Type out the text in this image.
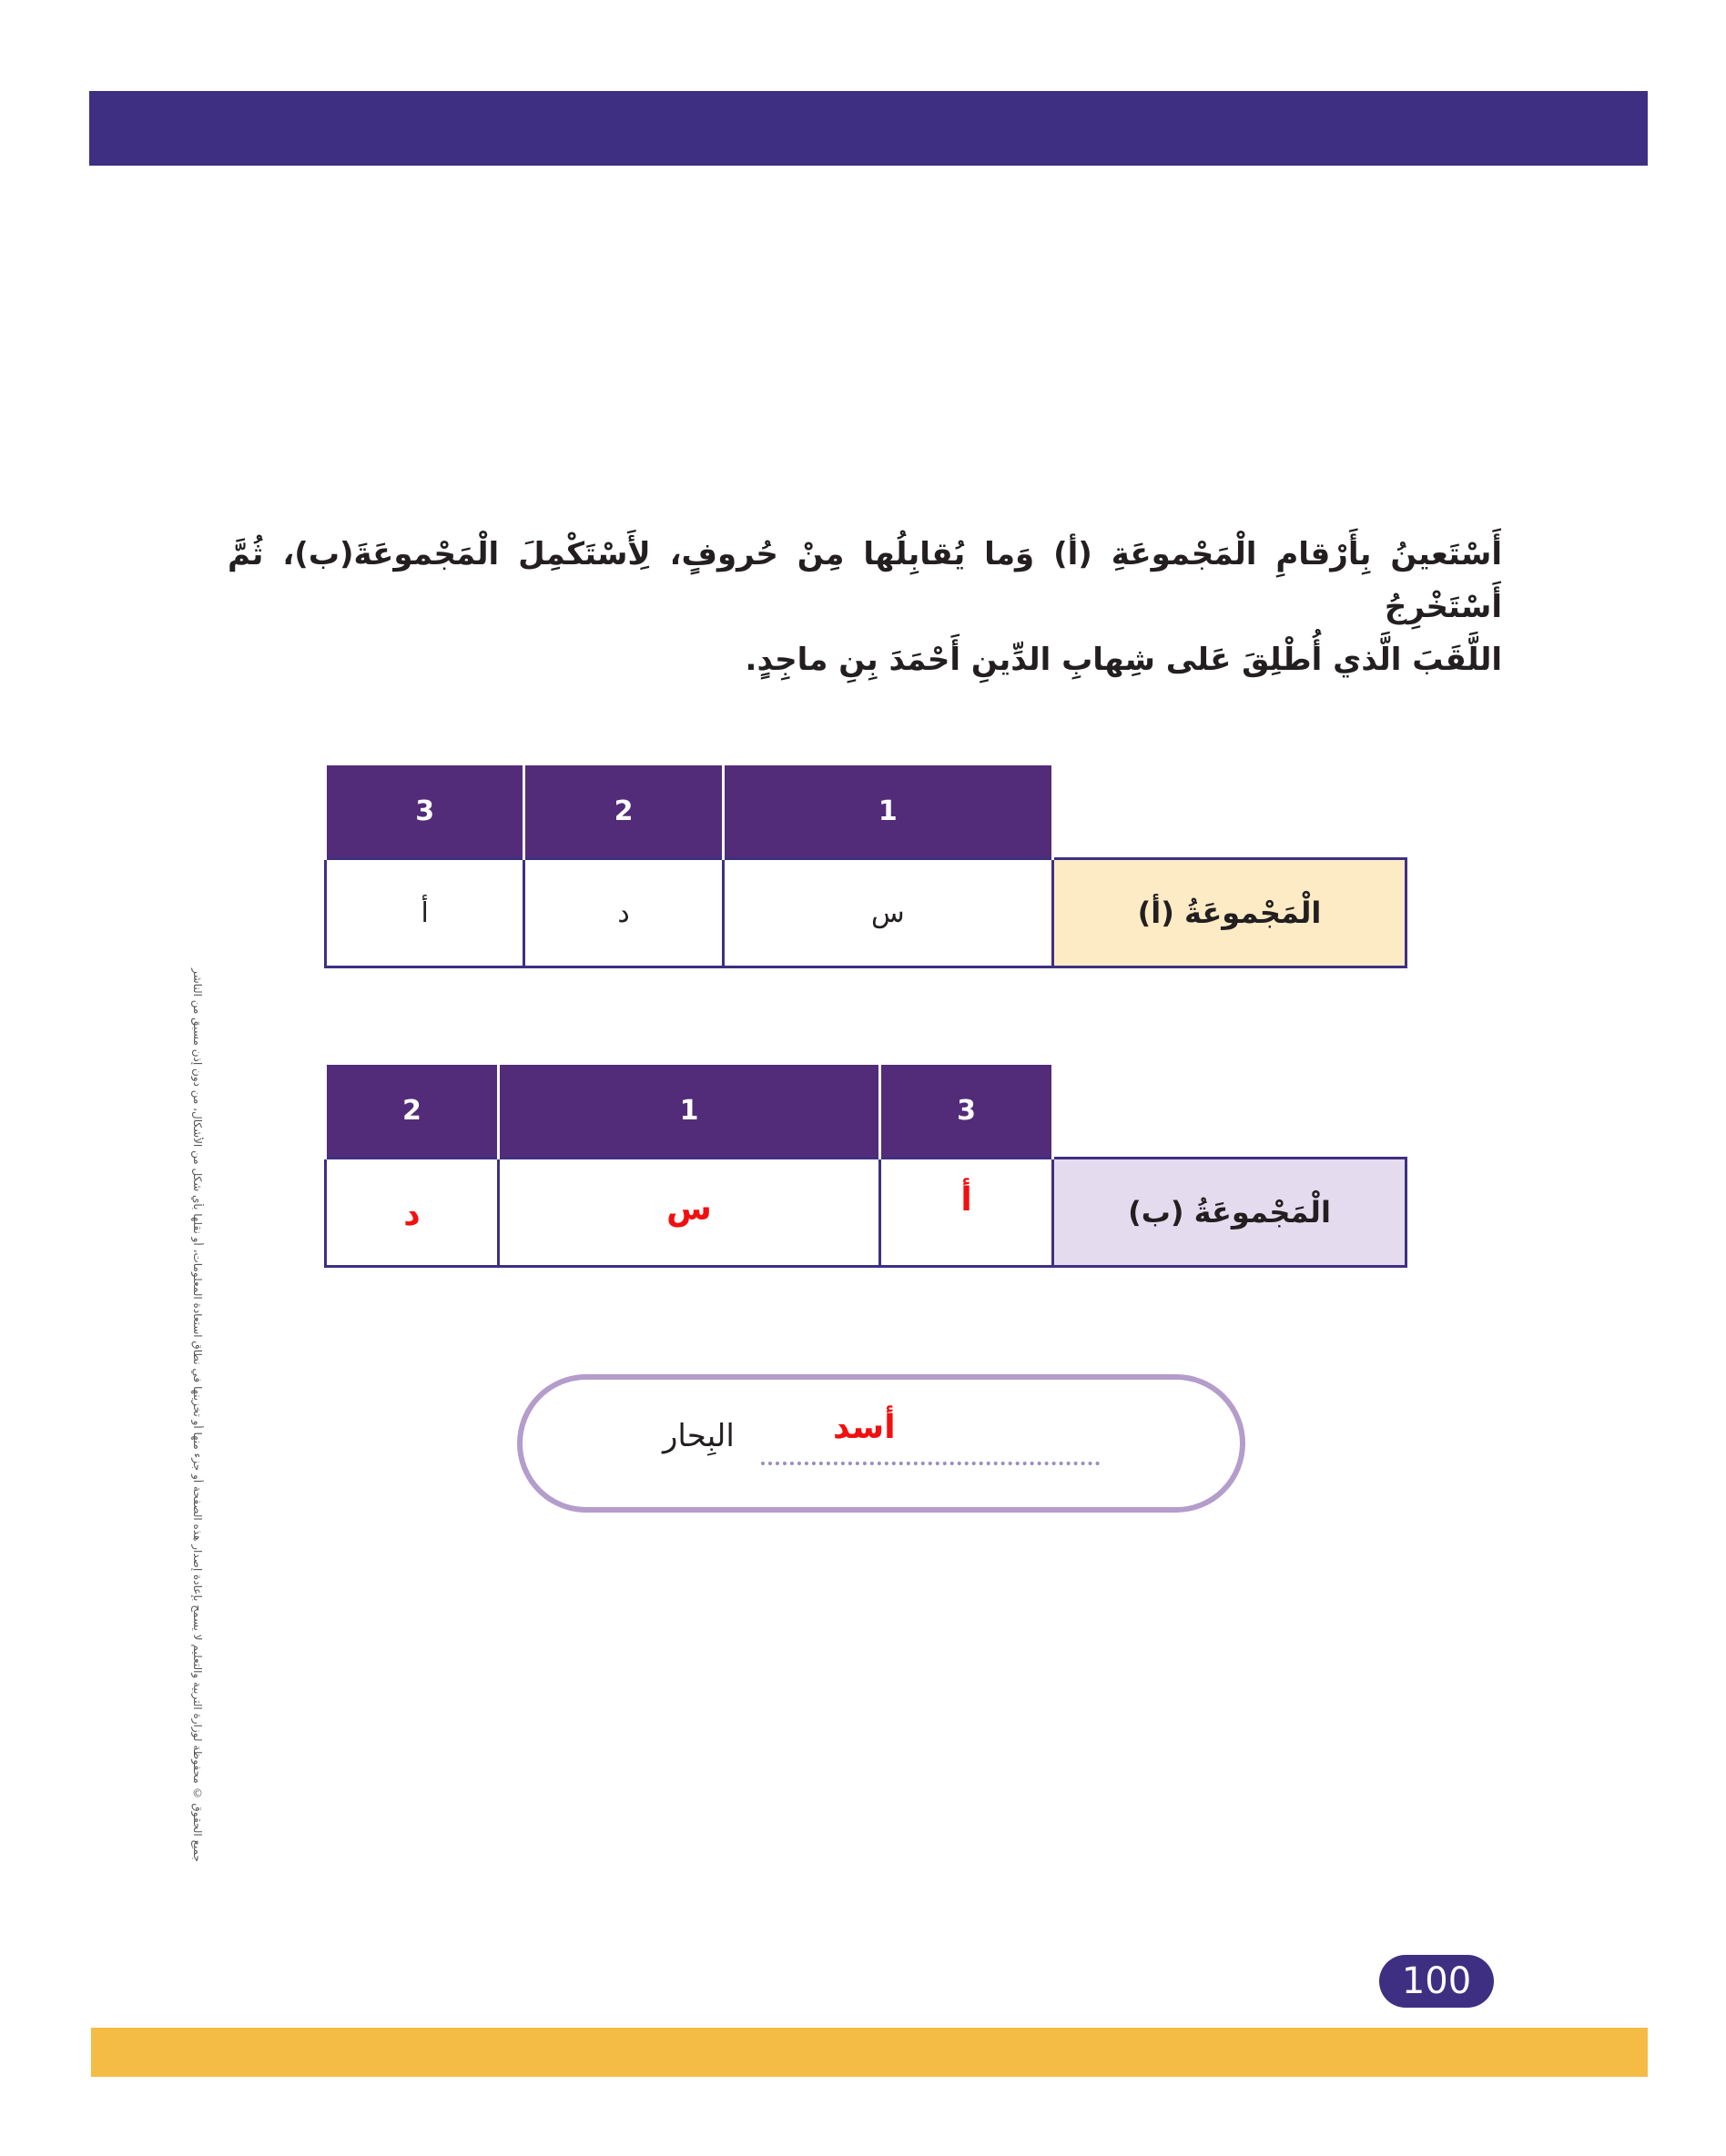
جميع الحقوق © محفوظة لوزارة التربية والتعليم لا يسمح بإعادة إصدار هذه الصفحة أو جزء منها أو تخزينها في نطاق استعادة المعلومات، أو نقلها بأي شكل من الأشكال، من دون إذن مسبق من الناشر

أَسْتَعينُ بِأَرْقامِ الْمَجْموعَةِ (أ) وَما يُقابِلُها مِنْ حُروفٍ، لِأَسْتَكْمِلَ الْمَجْموعَةَ(ب)، ثُمَّ أَسْتَخْرِجُ

اللَّقَبَ الَّذي أُطْلِقَ عَلى شِهابِ الدِّينِ أَحْمَدَ بِنِ ماجِدٍ.

	1	2	3
الْمَجْموعَةُ (أ)	س	د	أ
	3	1	2
الْمَجْموعَةُ (ب)	أ	س	د
أسد
البِحار
100
